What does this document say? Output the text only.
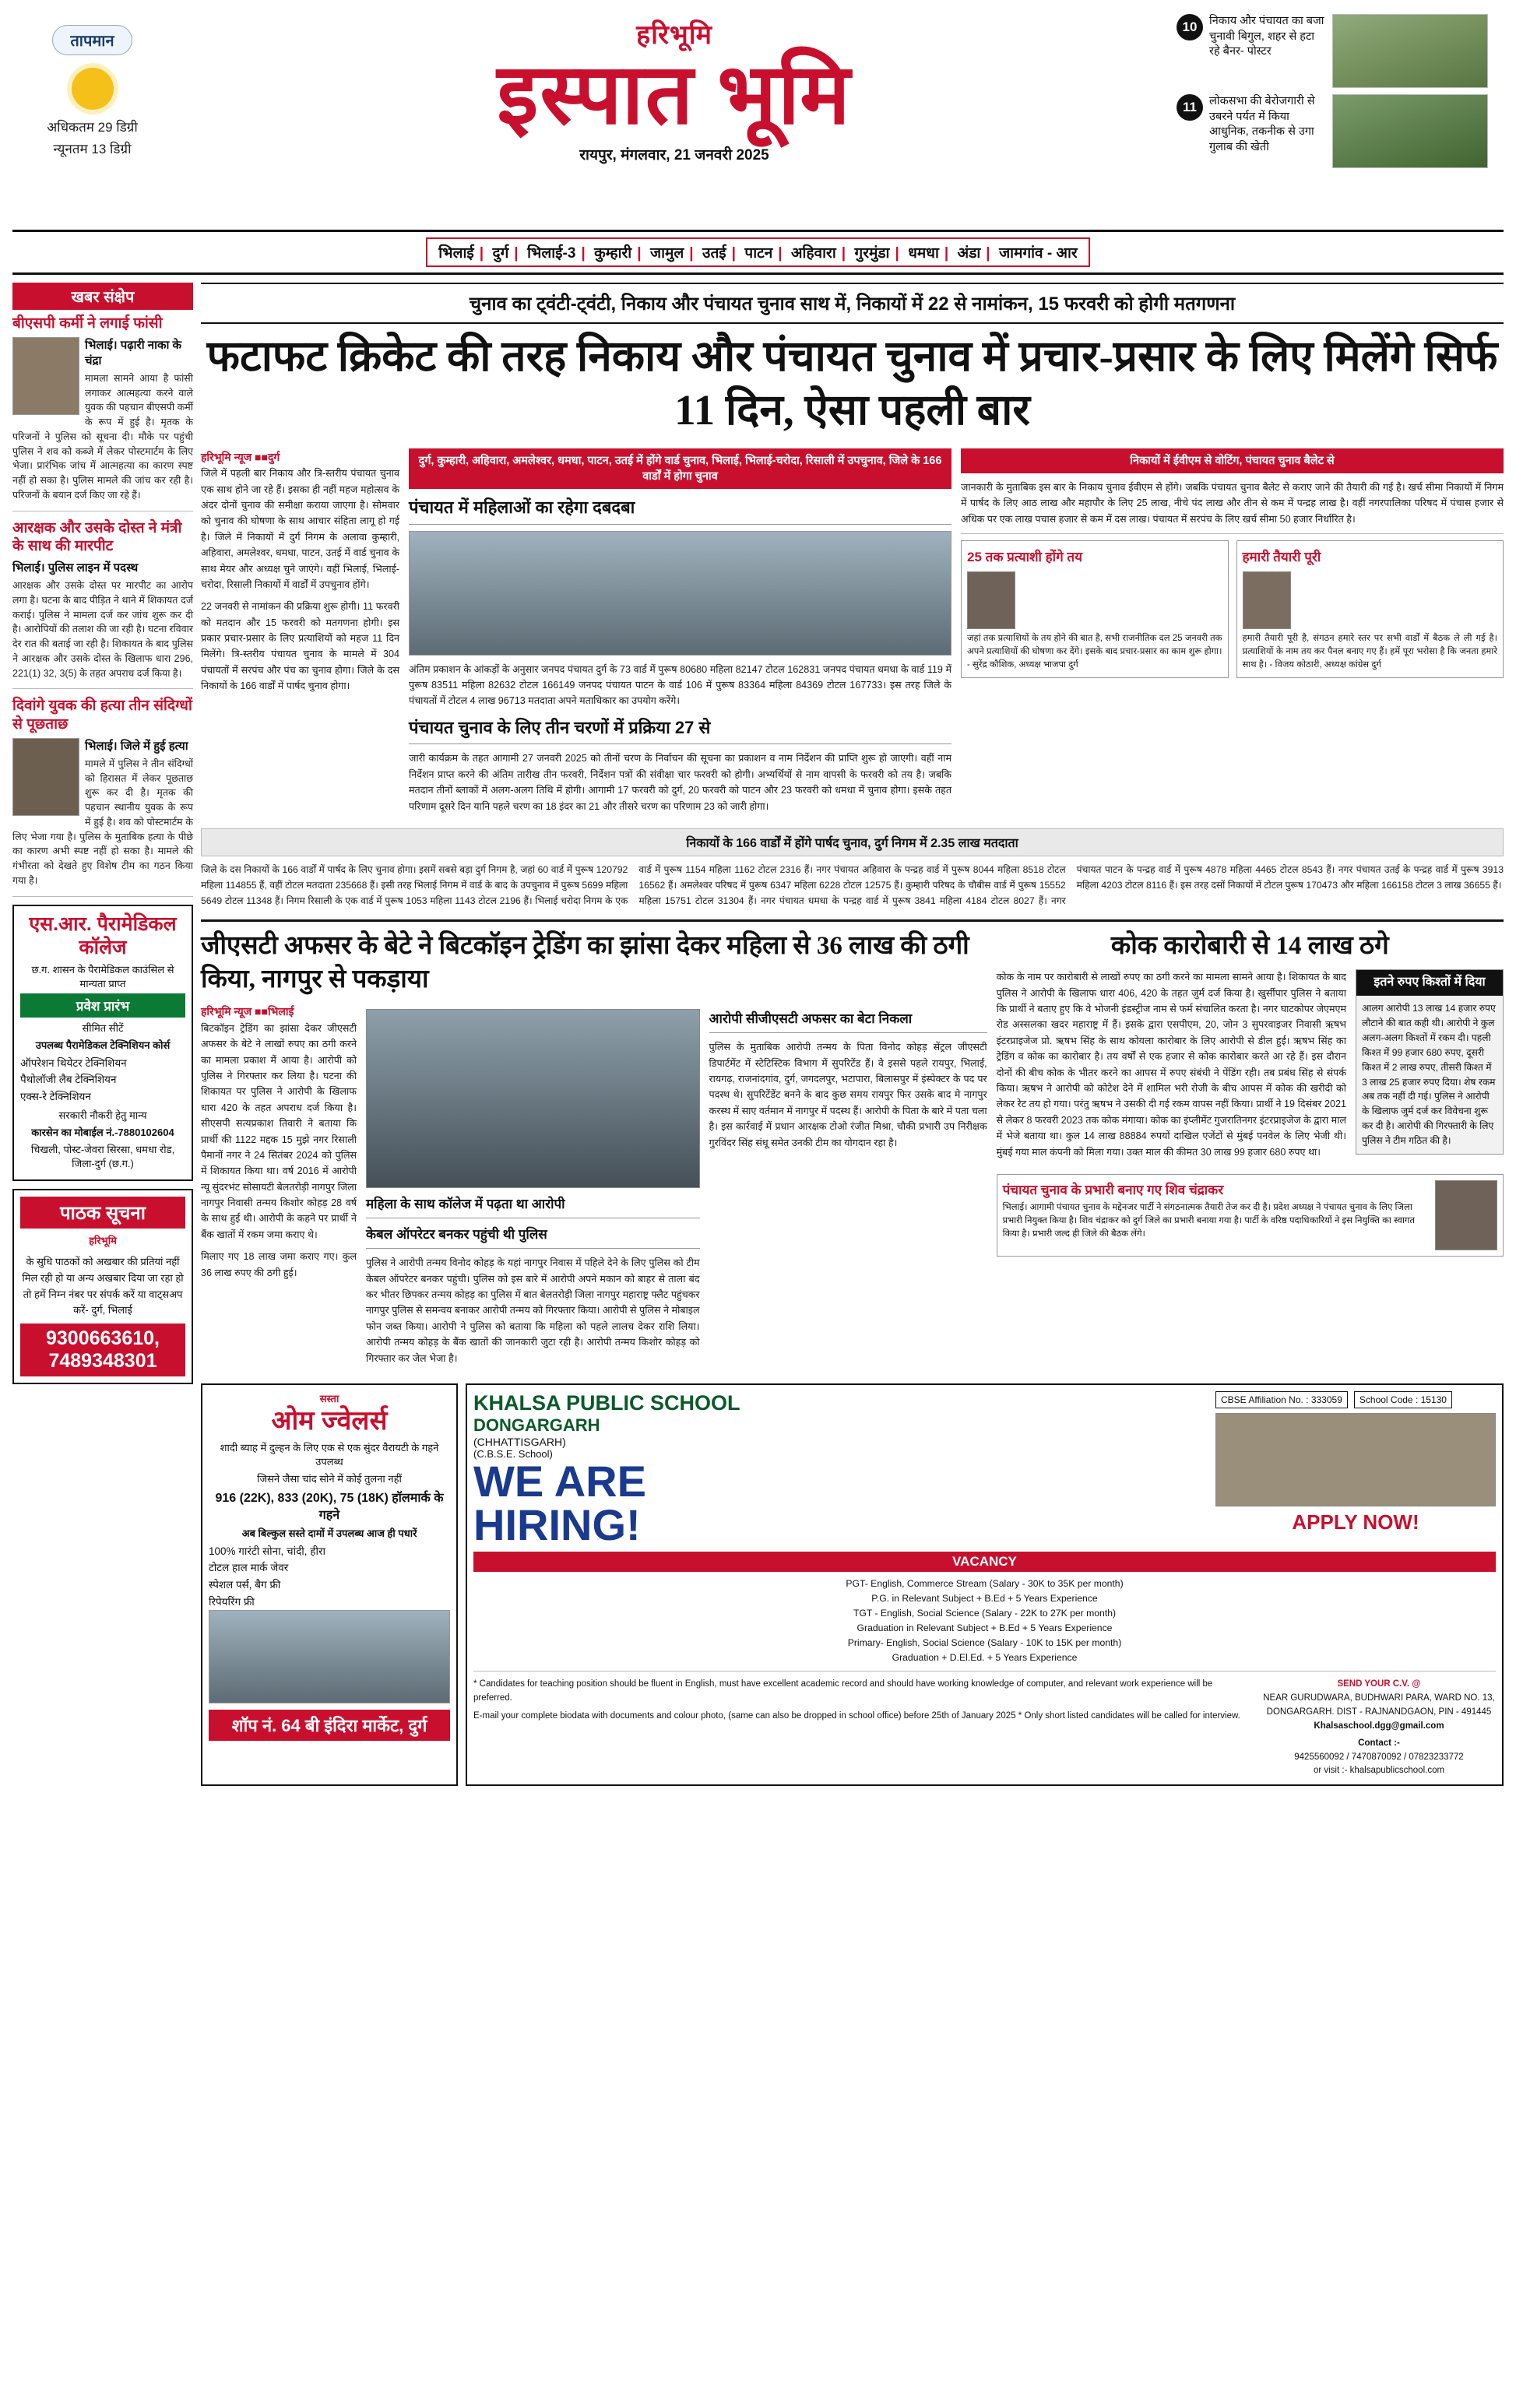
तापमान
अधिकतम 29 डिग्री
न्यूनतम 13 डिग्री
हरिभूमि
इस्पात भूमि
रायपुर, मंगलवार, 21 जनवरी 2025
10	निकाय और पंचायत का बजा चुनावी बिगुल, शहर से हटा रहे बैनर- पोस्टर
11	लोकसभा की बेरोजगारी से उबरने पर्यत में किया आधुनिक, तकनीक से उगा गुलाब की खेती
भिलाई | दुर्ग | भिलाई-3 | कुम्हारी | जामुल | उतई | पाटन | अहिवारा | गुरमुंडा | धमधा | अंडा | जामगांव - आर
खबर संक्षेप
बीएसपी कर्मी ने लगाई फांसी
भिलाई। पढ़ारी नाका के चंद्रा
मामला सामने आया है फांसी लगाकर आत्महत्या करने वाले युवक की पहचान बीएसपी कर्मी के रूप में हुई है। मृतक के परिजनों ने पुलिस को सूचना दी। मौके पर पहुंची पुलिस ने शव को कब्जे में लेकर पोस्टमार्टम के लिए भेजा। प्रारंभिक जांच में आत्महत्या का कारण स्पष्ट नहीं हो सका है। पुलिस मामले की जांच कर रही है। परिजनों के बयान दर्ज किए जा रहे हैं।
आरक्षक और उसके दोस्त ने मंत्री के साथ की मारपीट
भिलाई। पुलिस लाइन में पदस्थ
आरक्षक और उसके दोस्त पर मारपीट का आरोप लगा है। घटना के बाद पीड़ित ने थाने में शिकायत दर्ज कराई। पुलिस ने मामला दर्ज कर जांच शुरू कर दी है। आरोपियों की तलाश की जा रही है। घटना रविवार देर रात की बताई जा रही है। शिकायत के बाद पुलिस ने आरक्षक और उसके दोस्त के खिलाफ धारा 296, 221(1) 32, 3(5) के तहत अपराध दर्ज किया है।
दिवांगे युवक की हत्या तीन संदिग्धों से पूछताछ
भिलाई। जिले में हुई हत्या
मामले में पुलिस ने तीन संदिग्धों को हिरासत में लेकर पूछताछ शुरू कर दी है। मृतक की पहचान स्थानीय युवक के रूप में हुई है। शव को पोस्टमार्टम के लिए भेजा गया है। पुलिस के मुताबिक हत्या के पीछे का कारण अभी स्पष्ट नहीं हो सका है। मामले की गंभीरता को देखते हुए विशेष टीम का गठन किया गया है।
एस.आर. पैरामेडिकल कॉलेज
छ.ग. शासन के पैरामेडिकल काउंसिल से मान्यता प्राप्त
प्रवेश प्रारंभ
सीमित सीटें
उपलब्ध पैरामेडिकल टेक्निशियन कोर्स
ऑपरेशन थियेटर टेक्निशियन
पैथोलॉजी लैब टेक्निशियन
एक्स-रे टेक्निशियन
सरकारी नौकरी हेतु मान्य
कारसेन का मोबाईल नं.-7880102604
चिखली, पोस्ट-जेवरा सिरसा, धमधा रोड, जिला-दुर्ग (छ.ग.)
पाठक सूचना
हरिभूमि
के सुधि पाठकों को अखबार की प्रतियां नहीं मिल रही हो या अन्य अखबार दिया जा रहा हो तो हमें निम्न नंबर पर संपर्क करें या वाट्सअप करें- दुर्ग, भिलाई
9300663610, 7489348301
चुनाव का ट्वंटी-ट्वंटी, निकाय और पंचायत चुनाव साथ में, निकायों में 22 से नामांकन, 15 फरवरी को होगी मतगणना
फटाफट क्रिकेट की तरह निकाय और पंचायत चुनाव में प्रचार-प्रसार के लिए मिलेंगे सिर्फ 11 दिन, ऐसा पहली बार
हरिभूमि न्यूज ■■दुर्ग

जिले में पहली बार निकाय और त्रि-स्तरीय पंचायत चुनाव एक साथ होने जा रहे हैं। इसका ही नहीं महज महोत्सव के अंदर दोनों चुनाव की समीक्षा कराया जाएगा है। सोमवार को चुनाव की घोषणा के साथ आचार संहिता लागू हो गई है। जिले में निकायों में दुर्ग निगम के अलावा कुम्हारी, अहिवारा, अमलेश्वर, धमधा, पाटन, उतई में वार्ड चुनाव के साथ मेयर और अध्यक्ष चुने जाएंगे। वहीं भिलाई, भिलाई-चरोदा, रिसाली निकायों में वार्डों में उपचुनाव होंगे।

22 जनवरी से नामांकन की प्रक्रिया शुरू होगी। 11 फरवरी को मतदान और 15 फरवरी को मतगणना होगी। इस प्रकार प्रचार-प्रसार के लिए प्रत्याशियों को महज 11 दिन मिलेंगे। त्रि-स्तरीय पंचायत चुनाव के मामले में 304 पंचायतों में सरपंच और पंच का चुनाव होगा। जिले के दस निकायों के 166 वार्डों में पार्षद चुनाव होगा।

दुर्ग, कुम्हारी, अहिवारा, अमलेश्वर, धमधा, पाटन, उतई में होंगे वार्ड चुनाव, भिलाई, भिलाई-चरोदा, रिसाली में उपचुनाव, जिले के 166 वार्डों में होगा चुनाव
पंचायत में महिलाओं का रहेगा दबदबा

अंतिम प्रकाशन के आंकड़ों के अनुसार जनपद पंचायत दुर्ग के 73 वार्ड में पुरूष 80680 महिला 82147 टोटल 162831 जनपद पंचायत धमधा के वार्ड 119 में पुरूष 83511 महिला 82632 टोटल 166149 जनपद पंचायत पाटन के वार्ड 106 में पुरूष 83364 महिला 84369 टोटल 167733। इस तरह जिले के पंचायतों में टोटल 4 लाख 96713 मतदाता अपने मताधिकार का उपयोग करेंगे।

पंचायत चुनाव के लिए तीन चरणों में प्रक्रिया 27 से

जारी कार्यक्रम के तहत आगामी 27 जनवरी 2025 को तीनों चरण के निर्वाचन की सूचना का प्रकाशन व नाम निर्देशन की प्राप्ति शुरू हो जाएगी। वहीं नाम निर्देशन प्राप्त करने की अंतिम तारीख तीन फरवरी, निर्देशन पत्रों की संवीक्षा चार फरवरी को होगी। अभ्यर्थियों से नाम वापसी के फरवरी को तय है। जबकि मतदान तीनों ब्लाकों में अलग-अलग तिथि में होगी। आगामी 17 फरवरी को दुर्ग, 20 फरवरी को पाटन और 23 फरवरी को धमधा में चुनाव होगा। इसके तहत परिणाम दूसरे दिन यानि पहले चरण का 18 इंदर का 21 और तीसरे चरण का परिणाम 23 को जारी होगा।

निकायों में ईवीएम से वोटिंग, पंचायत चुनाव बैलेट से

जानकारी के मुताबिक इस बार के निकाय चुनाव ईवीएम से होंगे। जबकि पंचायत चुनाव बैलेट से कराए जाने की तैयारी की गई है। खर्च सीमा निकायों में निगम में पार्षद के लिए आठ लाख और महापौर के लिए 25 लाख, नीचे पंद लाख और तीन से कम में पन्द्रह लाख है। वहीं नगरपालिका परिषद में पंचास हजार से अधिक पर एक लाख पचास हजार से कम में दस लाख। पंचायत में सरपंच के लिए खर्च सीमा 50 हजार निर्धारित है।

25 तक प्रत्याशी होंगे तय
जहां तक प्रत्याशियों के तय होने की बात है, सभी राजनीतिक दल 25 जनवरी तक अपने प्रत्याशियों की घोषणा कर देंगे। इसके बाद प्रचार-प्रसार का काम शुरू होगा। - सुरेंद्र कौशिक, अध्यक्ष भाजपा दुर्ग
हमारी तैयारी पूरी
हमारी तैयारी पूरी है, संगठन हमारे स्तर पर सभी वार्डों में बैठक ले ली गई है। प्रत्याशियों के नाम तय कर पैनल बनाए गए हैं। हमें पूरा भरोसा है कि जनता हमारे साथ है। - विजय कोठारी, अध्यक्ष कांग्रेस दुर्ग
निकायों के 166 वार्डों में होंगे पार्षद चुनाव, दुर्ग निगम में 2.35 लाख मतदाता
जिले के दस निकायों के 166 वार्डों में पार्षद के लिए चुनाव होगा। इसमें सबसे बड़ा दुर्ग निगम है, जहां 60 वार्ड में पुरूष 120792 महिला 114855 हैं, वहीं टोटल मतदाता 235668 हैं। इसी तरह भिलाई निगम में वार्ड के बाद के उपचुनाव में पुरूष 5699 महिला 5649 टोटल 11348 हैं। निगम रिसाली के एक वार्ड में पुरूष 1053 महिला 1143 टोटल 2196 हैं। भिलाई चरोदा निगम के एक वार्ड में पुरूष 1154 महिला 1162 टोटल 2316 हैं। नगर पंचायत अहिवारा के पन्द्रह वार्ड में पुरूष 8044 महिला 8518 टोटल 16562 हैं। अमलेश्वर परिषद में पुरूष 6347 महिला 6228 टोटल 12575 हैं। कुम्हारी परिषद के चौबीस वार्ड में पुरूष 15552 महिला 15751 टोटल 31304 हैं। नगर पंचायत धमधा के पन्द्रह वार्ड में पुरूष 3841 महिला 4184 टोटल 8027 हैं। नगर पंचायत पाटन के पन्द्रह वार्ड में पुरूष 4878 महिला 4465 टोटल 8543 हैं। नगर पंचायत उतई के पन्द्रह वार्ड में पुरूष 3913 महिला 4203 टोटल 8116 हैं। इस तरह दसों निकायों में टोटल पुरूष 170473 और महिला 166158 टोटल 3 लाख 36655 हैं।
जीएसटी अफसर के बेटे ने बिटकॉइन ट्रेडिंग का झांसा देकर महिला से 36 लाख की ठगी किया, नागपुर से पकड़ाया
हरिभूमि न्यूज ■■भिलाई

बिटकॉइन ट्रेडिंग का झांसा देकर जीएसटी अफसर के बेटे ने लाखों रुपए का ठगी करने का मामला प्रकाश में आया है। आरोपी को पुलिस ने गिरफ्तार कर लिया है। घटना की शिकायत पर पुलिस ने आरोपी के खिलाफ धारा 420 के तहत अपराध दर्ज किया है। सीएसपी सत्यप्रकाश तिवारी ने बताया कि प्रार्थी की 1122 मद्दक 15 मुझे नगर रिसाली पैमानों नगर ने 24 सितंबर 2024 को पुलिस में शिकायत किया था। वर्ष 2016 में आरोपी न्यू सुंदरभंट सोसायटी बेलतरोड़ी नागपुर जिला नागपुर निवासी तन्मय किशोर कोहड़ 28 वर्ष के साथ हुई थी। आरोपी के कहने पर प्रार्थी ने बैंक खातों में रकम जमा कराए थे।

मिलाए गए 18 लाख जमा कराए गए। कुल 36 लाख रुपए की ठगी हुई।

महिला के साथ कॉलेज में पढ़ता था आरोपी
केबल ऑपरेटर बनकर पहुंची थी पुलिस

पुलिस ने आरोपी तन्मय विनोद कोहड़ के यहां नागपुर निवास में पहिले देने के लिए पुलिस को टीम केबल ऑपरेटर बनकर पहुंची। पुलिस को इस बारे में आरोपी अपने मकान को बाहर से ताला बंद कर भीतर छिपकर तन्मय कोहड़ का पुलिस में बात बेलतरोड़ी जिला नागपुर महाराष्ट्र फ्लैट पहुंचकर नागपुर पुलिस से समन्वय बनाकर आरोपी तन्मय को गिरफ्तार किया। आरोपी से पुलिस ने मोबाइल फोन जब्त किया। आरोपी ने पुलिस को बताया कि महिला को पहले लालच देकर राशि लिया। आरोपी तन्मय कोहड़ के बैंक खातों की जानकारी जुटा रही है। आरोपी तन्मय किशोर कोहड़ को गिरफ्तार कर जेल भेजा है।

आरोपी सीजीएसटी अफसर का बेटा निकला

पुलिस के मुताबिक आरोपी तन्मय के पिता विनोद कोहड़ सेंट्रल जीएसटी डिपार्टमेंट में स्टेटिस्टिक विभाग में सुपरिटेंड हैं। वे इससे पहले रायपुर, भिलाई, रायगढ़, राजनांदगांव, दुर्ग, जगदलपुर, भटापारा, बिलासपुर में इंस्पेक्टर के पद पर पदस्थ थे। सुपरिटेंडेंट बनने के बाद कुछ समय रायपुर फिर उसके बाद मे नागपुर करस्थ में साए वर्तमान में नागपुर में पदस्थ हैं। आरोपी के पिता के बारे में पता चला है। इस कार्रवाई में प्रधान आरक्षक टोओ रंजीत मिश्रा, चौकी प्रभारी उप निरीक्षक गुरविंदर सिंह संधू समेत उनकी टीम का योगदान रहा है।

कोक कारोबारी से 14 लाख ठगे

कोक के नाम पर कारोबारी से लाखों रुपए का ठगी करने का मामला सामने आया है। शिकायत के बाद पुलिस ने आरोपी के खिलाफ धारा 406, 420 के तहत जुर्म दर्ज किया है। खुर्सीपार पुलिस ने बताया कि प्रार्थी ने बताए हुए कि वे भोजनी इंडस्ट्रीज नाम से फर्म संचालित करता है। नगर घाटकोपर जेएमएम रोड अस्सलका खदर महाराष्ट्र में हैं। इसके द्वारा एसपीएम, 20, जोन 3 सुपरवाइजर निवासी ऋषभ इंटरप्राइजेज प्रो. ऋषभ सिंह के साथ कोयला कारोबार के लिए आरोपी से डील हुई। ऋषभ सिंह का ट्रेडिंग व कोक का कारोबार है। तय वर्षों से एक हजार से कोक कारोबार करते आ रहे हैं। इस दौरान दोनों की बीच कोक के भीतर करने का आपस में रुपए संबंधी ने पेंडिंग रही। तब प्रबंध सिंह से संपर्क किया। ऋषभ ने आरोपी को कोटेश देने में शामिल भरी रोजी के बीच आपस में कोक की खरीदी को लेकर रेट तय हो गया। परंतु ऋषभ ने उसकी दी गई रकम वापस नहीं किया। प्रार्थी ने 19 दिसंबर 2021 से लेकर 8 फरवरी 2023 तक कोक मंगाया। कोक का इंप्लीमेंट गुजरातिनगर इंटरप्राइजेज के द्वारा माल में भेजे बताया था। कुल 14 लाख 88884 रुपयों दाखिल एजेंटों से मुंबई पनवेल के लिए भेजी थी। मुंबई गया माल कंपनी को मिला गया। उक्त माल की कीमत 30 लाख 99 हजार 680 रुपए था।

इतने रुपए किश्तों में दिया
आलग आरोपी 13 लाख 14 हजार रुपए लौटाने की बात कही थी। आरोपी ने कुल अलग-अलग किश्तों में रकम दी। पहली किश्त में 99 हजार 680 रुपए, दूसरी किश्त में 2 लाख रुपए, तीसरी किश्त में 3 लाख 25 हजार रुपए दिया। शेष रकम अब तक नहीं दी गई। पुलिस ने आरोपी के खिलाफ जुर्म दर्ज कर विवेचना शुरू कर दी है। आरोपी की गिरफ्तारी के लिए पुलिस ने टीम गठित की है।
पंचायत चुनाव के प्रभारी बनाए गए शिव चंद्राकर
भिलाई। आगामी पंचायत चुनाव के मद्देनजर पार्टी ने संगठनात्मक तैयारी तेज कर दी है। प्रदेश अध्यक्ष ने पंचायत चुनाव के लिए जिला प्रभारी नियुक्त किया है। शिव चंद्राकर को दुर्ग जिले का प्रभारी बनाया गया है। पार्टी के वरिष्ठ पदाधिकारियों ने इस नियुक्ति का स्वागत किया है। प्रभारी जल्द ही जिले की बैठक लेंगे।
सस्ता
ओम ज्वेलर्स
शादी ब्याह में दुल्हन के लिए एक से एक सुंदर वैरायटी के गहने उपलब्ध
जिसने जैसा चांद सोने में कोई तुलना नहीं
916 (22K), 833 (20K), 75 (18K) हॉलमार्क के गहने
अब बिल्कुल सस्ते दामों में उपलब्ध आज ही पधारें
100% गारंटी सोना, चांदी, हीरा
टोटल हाल मार्क जेवर
स्पेशल पर्स, बैग फ्री
रिपेयरिंग फ्री
शॉप नं. 64 बी इंदिरा मार्केट, दुर्ग
KHALSA PUBLIC SCHOOL
DONGARGARH
(CHHATTISGARH)
(C.B.S.E. School)
WE ARE
HIRING!
CBSE Affiliation No. : 333059	School Code : 15130
APPLY NOW!
VACANCY
PGT- English, Commerce Stream (Salary - 30K to 35K per month)
P.G. in Relevant Subject + B.Ed + 5 Years Experience
TGT - English, Social Science (Salary - 22K to 27K per month)
Graduation in Relevant Subject + B.Ed + 5 Years Experience
Primary- English, Social Science (Salary - 10K to 15K per month)
Graduation + D.El.Ed. + 5 Years Experience
* Candidates for teaching position should be fluent in English, must have excellent academic record and should have working knowledge of computer, and relevant work experience will be preferred.
E-mail your complete biodata with documents and colour photo, (same can also be dropped in school office) before 25th of January 2025 * Only short listed candidates will be called for interview.
SEND YOUR C.V. @
NEAR GURUDWARA, BUDHWARI PARA, WARD NO. 13, DONGARGARH. DIST - RAJNANDGAON, PIN - 491445
Khalsaschool.dgg@gmail.com
Contact :-
9425560092 / 7470870092 / 07823233772
or visit :- khalsapublicschool.com
